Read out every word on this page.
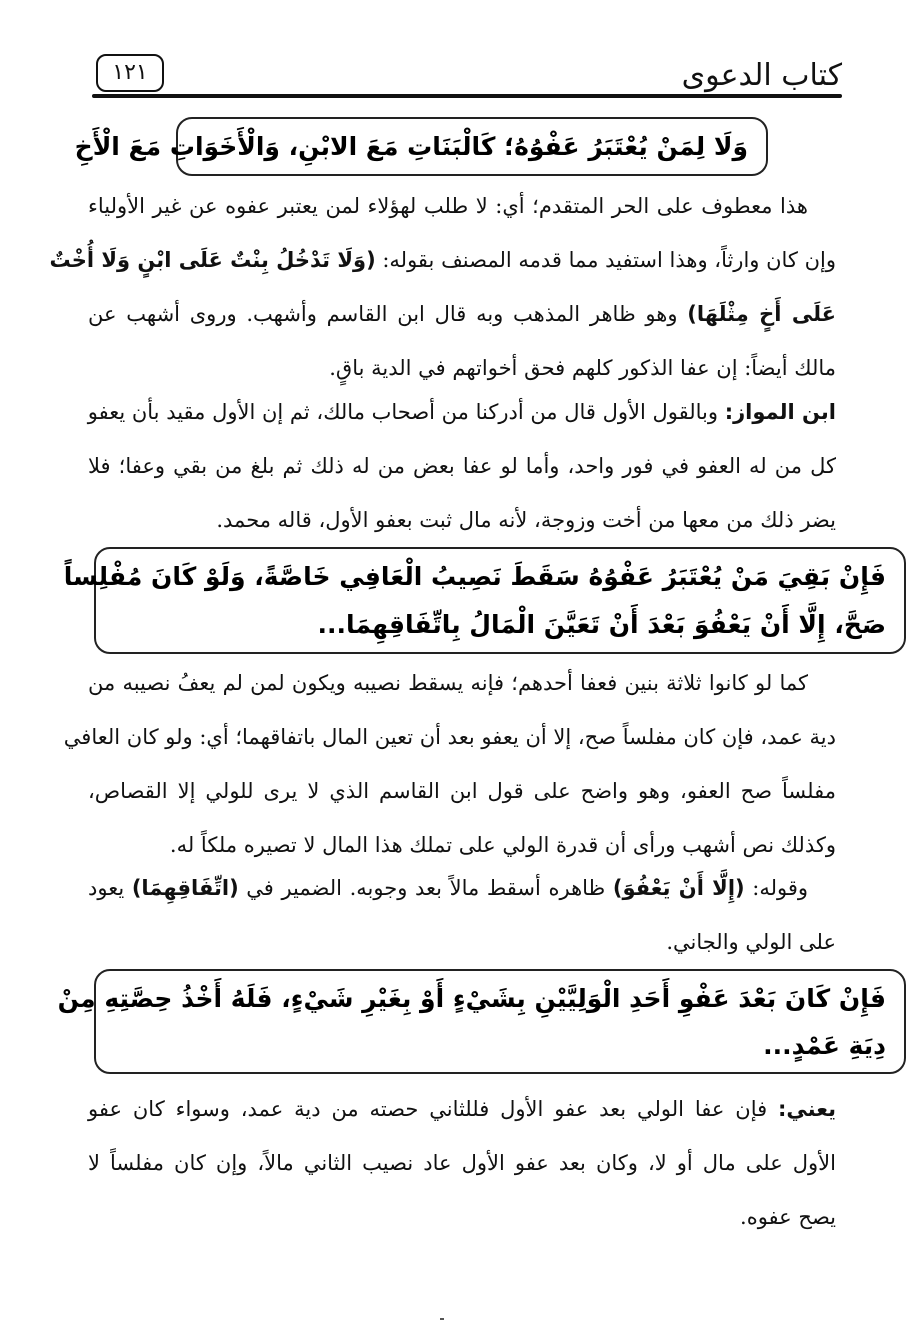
كتاب الدعوى
١٢١
وَلَا لِمَنْ يُعْتَبَرُ عَفْوُهُ؛ كَالْبَنَاتِ مَعَ الابْنِ، وَالْأَخَوَاتِ مَعَ الْأَخِ
هذا معطوف على الحر المتقدم؛ أي: لا طلب لهؤلاء لمن يعتبر عفوه عن غير الأولياء
وإن كان وارثاً، وهذا استفيد مما قدمه المصنف بقوله: (وَلَا تَدْخُلُ بِنْتٌ عَلَى ابْنٍ وَلَا أُخْتٌ
عَلَى أَخٍ مِثْلَهَا) وهو ظاهر المذهب وبه قال ابن القاسم وأشهب. وروى أشهب عن
مالك أيضاً: إن عفا الذكور كلهم فحق أخواتهم في الدية باقٍ.
ابن المواز: وبالقول الأول قال من أدركنا من أصحاب مالك، ثم إن الأول مقيد بأن يعفو
كل من له العفو في فور واحد، وأما لو عفا بعض من له ذلك ثم بلغ من بقي وعفا؛ فلا
يضر ذلك من معها من أخت وزوجة، لأنه مال ثبت بعفو الأول، قاله محمد.
فَإِنْ بَقِيَ مَنْ يُعْتَبَرُ عَفْوُهُ سَقَطَ نَصِيبُ الْعَافِي خَاصَّةً، وَلَوْ كَانَ مُفْلِساً
صَحَّ، إِلَّا أَنْ يَعْفُوَ بَعْدَ أَنْ تَعَيَّنَ الْمَالُ بِاتِّفَاقِهِمَا...
كما لو كانوا ثلاثة بنين فعفا أحدهم؛ فإنه يسقط نصيبه ويكون لمن لم يعفُ نصيبه من
دية عمد، فإن كان مفلساً صح، إلا أن يعفو بعد أن تعين المال باتفاقهما؛ أي: ولو كان العافي
مفلساً صح العفو، وهو واضح على قول ابن القاسم الذي لا يرى للولي إلا القصاص،
وكذلك نص أشهب ورأى أن قدرة الولي على تملك هذا المال لا تصيره ملكاً له.
وقوله: (إِلَّا أَنْ يَعْفُوَ) ظاهره أسقط مالاً بعد وجوبه. الضمير في (اتِّفَاقِهِمَا) يعود
على الولي والجاني.
فَإِنْ كَانَ بَعْدَ عَفْوِ أَحَدِ الْوَلِيَّيْنِ بِشَيْءٍ أَوْ بِغَيْرِ شَيْءٍ، فَلَهُ أَخْذُ حِصَّتِهِ مِنْ
دِيَةِ عَمْدٍ...
يعني: فإن عفا الولي بعد عفو الأول فللثاني حصته من دية عمد، وسواء كان عفو
الأول على مال أو لا، وكان بعد عفو الأول عاد نصيب الثاني مالاً، وإن كان مفلساً لا
يصح عفوه.
